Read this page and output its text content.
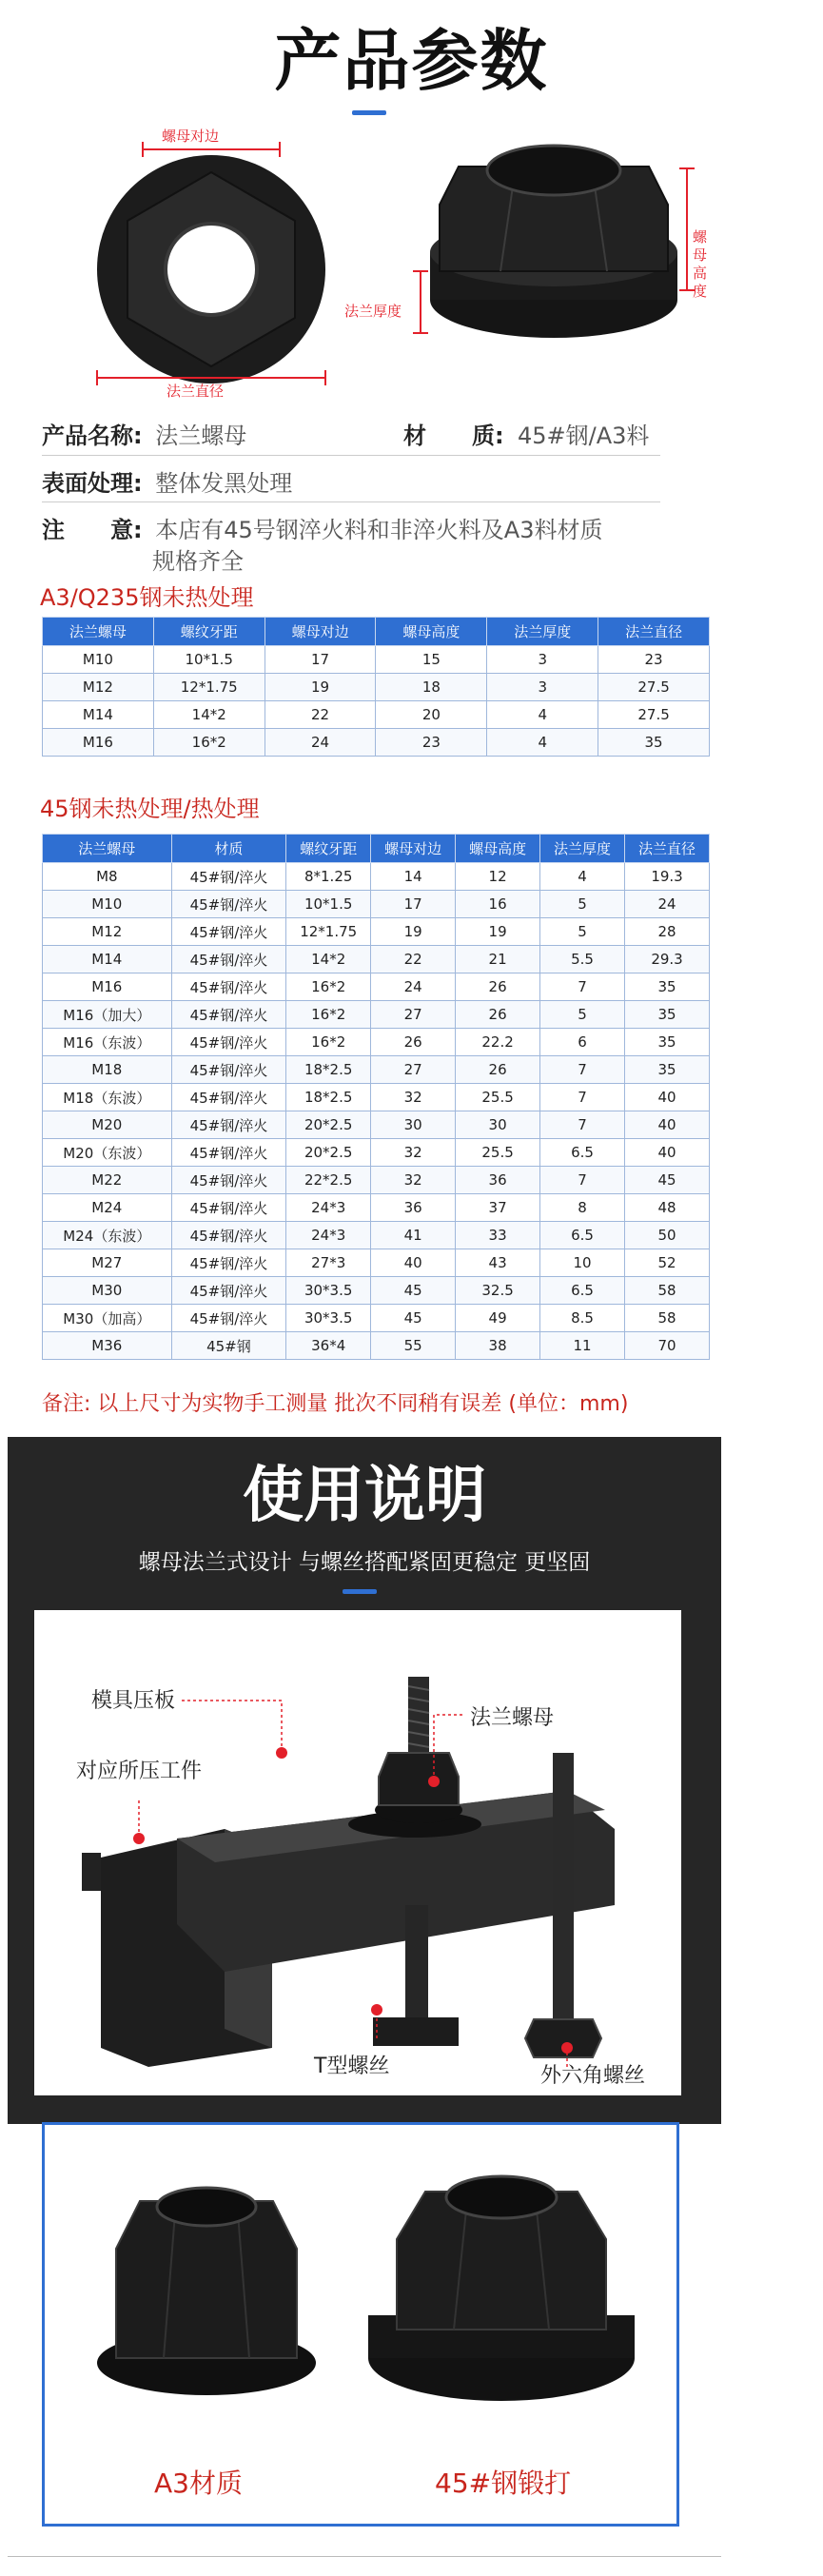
产品参数
螺母对边
法兰直径
法兰厚度
螺母高度
产品名称: 法兰螺母	材　　质: 45#钢/A3料
表面处理: 整体发黑处理
注　　意: 本店有45号钢淬火料和非淬火料及A3料材质
规格齐全
A3/Q235钢未热处理
法兰螺母	螺纹牙距	螺母对边	螺母高度	法兰厚度	法兰直径
M10	10*1.5	17	15	3	23
M12	12*1.75	19	18	3	27.5
M14	14*2	22	20	4	27.5
M16	16*2	24	23	4	35
45钢未热处理/热处理
法兰螺母	材质	螺纹牙距	螺母对边	螺母高度	法兰厚度	法兰直径
M8	45#钢/淬火	8*1.25	14	12	4	19.3
M10	45#钢/淬火	10*1.5	17	16	5	24
M12	45#钢/淬火	12*1.75	19	19	5	28
M14	45#钢/淬火	14*2	22	21	5.5	29.3
M16	45#钢/淬火	16*2	24	26	7	35
M16（加大）	45#钢/淬火	16*2	27	26	5	35
M16（东波）	45#钢/淬火	16*2	26	22.2	6	35
M18	45#钢/淬火	18*2.5	27	26	7	35
M18（东波）	45#钢/淬火	18*2.5	32	25.5	7	40
M20	45#钢/淬火	20*2.5	30	30	7	40
M20（东波）	45#钢/淬火	20*2.5	32	25.5	6.5	40
M22	45#钢/淬火	22*2.5	32	36	7	45
M24	45#钢/淬火	24*3	36	37	8	48
M24（东波）	45#钢/淬火	24*3	41	33	6.5	50
M27	45#钢/淬火	27*3	40	43	10	52
M30	45#钢/淬火	30*3.5	45	32.5	6.5	58
M30（加高）	45#钢/淬火	30*3.5	45	49	8.5	58
M36	45#钢	36*4	55	38	11	70
备注: 以上尺寸为实物手工测量 批次不同稍有误差 (单位：mm)
使用说明
螺母法兰式设计 与螺丝搭配紧固更稳定 更坚固
模具压板
对应所压工件
法兰螺母
T型螺丝	外六角螺丝
A3材质	45#钢锻打
